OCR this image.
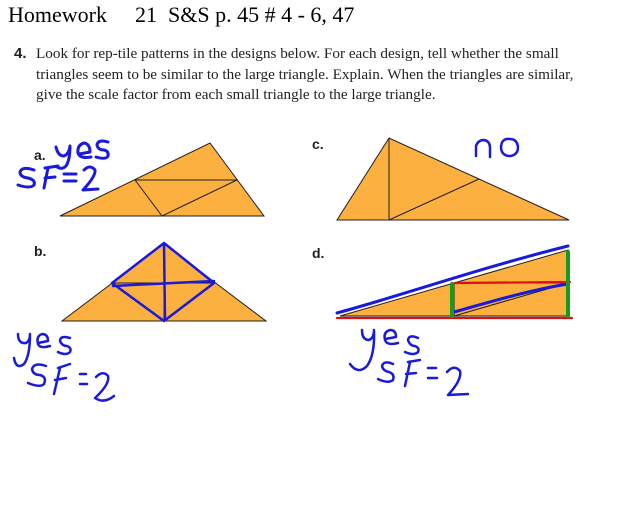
Homework 21 S&S p. 45 # 4 - 6, 47
4. Look for rep-tile patterns in the designs below. For each design, tell whether the small triangles seem to be similar to the large triangle. Explain. When the triangles are similar, give the scale factor from each small triangle to the large triangle.
a.
b.
c.
d.
